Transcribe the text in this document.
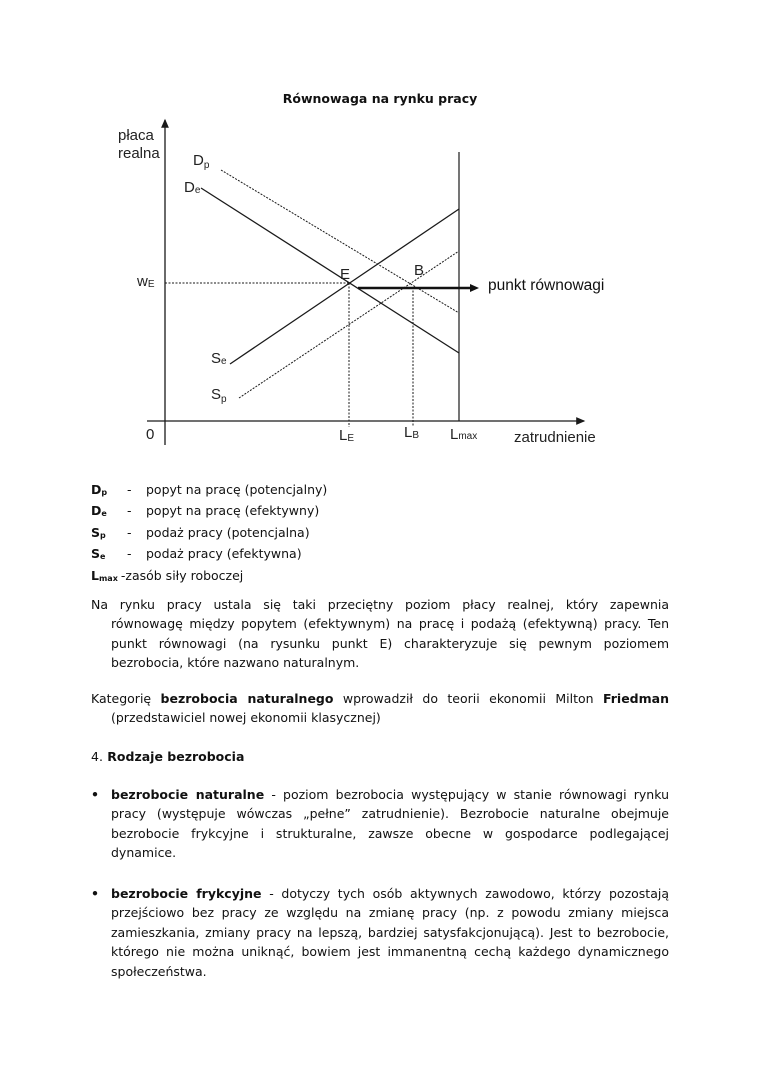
Równowaga na rynku pracy
płaca
realna
0	zatrudnienie
wE
$D_p$
De
Se
$S_p$
E	B
LE	LB Lmax
punkt równowagi
$D_p$	-	popyt na pracę (potencjalny)
$D_e$	-	popyt na pracę (efektywny)
$S_p$	-	podaż pracy (potencjalna)
$S_e$	-	podaż pracy (efektywna)
$L_{max}$ - zasób siły roboczej
Na rynku pracy ustala się taki przeciętny poziom płacy realnej, który zapewnia
równowagę między popytem (efektywnym) na pracę i podażą (efektywną) pracy. Ten punkt równowagi (na rysunku punkt E) charakteryzuje się pewnym poziomem bezrobocia, które nazwano naturalnym.
Kategorię bezrobocia naturalnego wprowadził do teorii ekonomii Milton Friedman
(przedstawiciel nowej ekonomii klasycznej)
4. Rodzaje bezrobocia
• bezrobocie naturalne - poziom bezrobocia występujący w stanie równowagi rynku pracy (występuje wówczas „pełne” zatrudnienie). Bezrobocie naturalne obejmuje bezrobocie frykcyjne i strukturalne, zawsze obecne w gospodarce podlegającej dynamice.
• bezrobocie frykcyjne - dotyczy tych osób aktywnych zawodowo, którzy pozostają przejściowo bez pracy ze względu na zmianę pracy (np. z powodu zmiany miejsca zamieszkania, zmiany pracy na lepszą, bardziej satysfakcjonującą). Jest to bezrobocie, którego nie można uniknąć, bowiem jest immanentną cechą każdego dynamicznego społeczeństwa.
